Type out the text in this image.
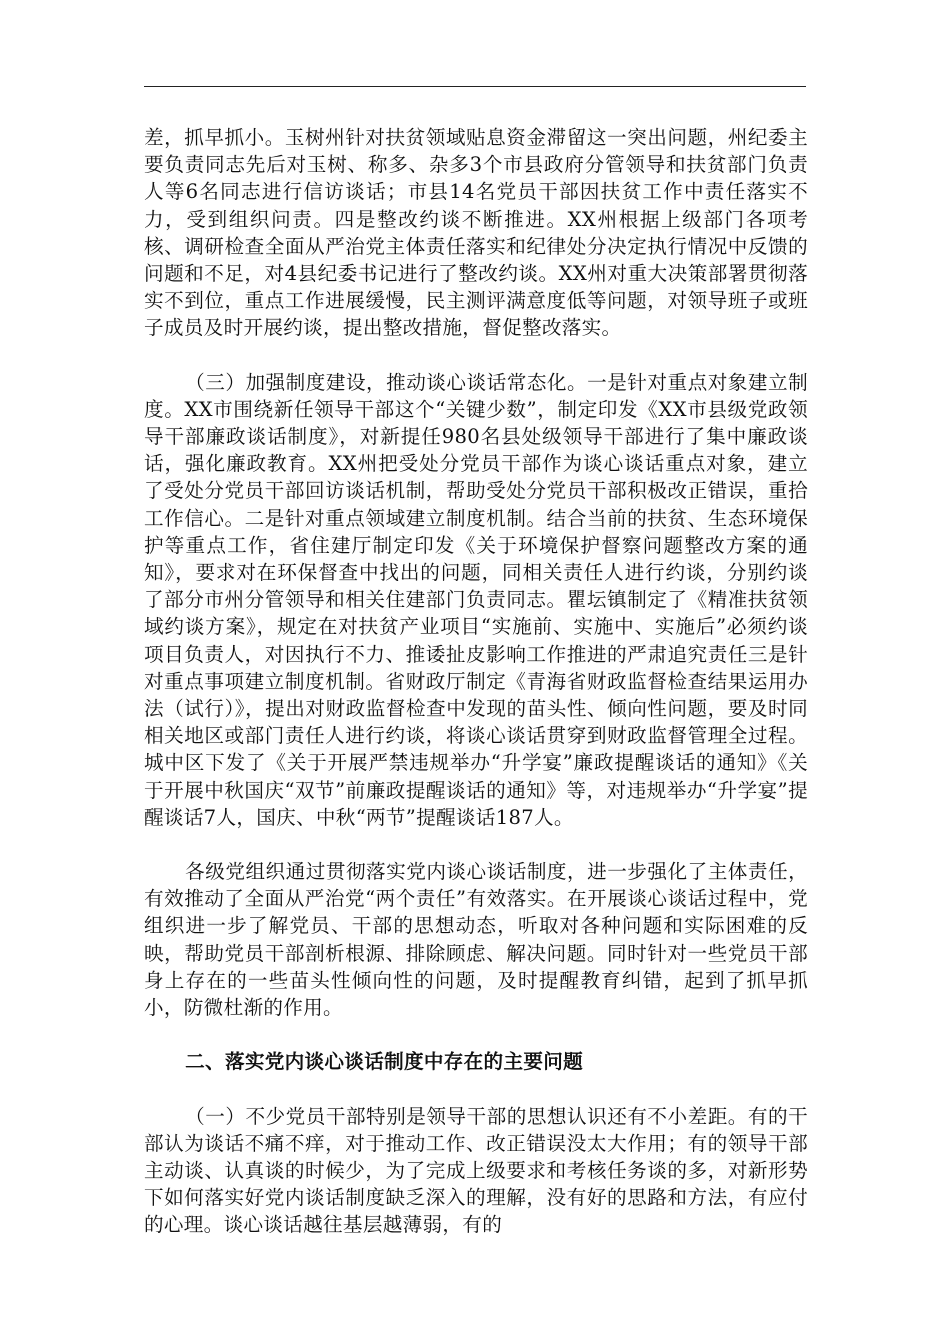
差，抓早抓小。玉树州针对扶贫领域贴息资金滞留这一突出问题，州纪委主要负责同志先后对玉树、称多、杂多3个市县政府分管领导和扶贫部门负责人等6名同志进行信访谈话；市县14名党员干部因扶贫工作中责任落实不力，受到组织问责。四是整改约谈不断推进。XX州根据上级部门各项考核、调研检查全面从严治党主体责任落实和纪律处分决定执行情况中反馈的问题和不足，对4县纪委书记进行了整改约谈。XX州对重大决策部署贯彻落实不到位，重点工作进展缓慢，民主测评满意度低等问题，对领导班子或班子成员及时开展约谈，提出整改措施，督促整改落实。

（三）加强制度建设，推动谈心谈话常态化。一是针对重点对象建立制度。XX市围绕新任领导干部这个“关键少数”，制定印发《XX市县级党政领导干部廉政谈话制度》，对新提任980名县处级领导干部进行了集中廉政谈话，强化廉政教育。XX州把受处分党员干部作为谈心谈话重点对象，建立了受处分党员干部回访谈话机制，帮助受处分党员干部积极改正错误，重拾工作信心。二是针对重点领域建立制度机制。结合当前的扶贫、生态环境保护等重点工作，省住建厅制定印发《关于环境保护督察问题整改方案的通知》，要求对在环保督查中找出的问题，同相关责任人进行约谈，分别约谈了部分市州分管领导和相关住建部门负责同志。瞿坛镇制定了《精准扶贫领域约谈方案》，规定在对扶贫产业项目“实施前、实施中、实施后”必须约谈项目负责人，对因执行不力、推诿扯皮影响工作推进的严肃追究责任三是针对重点事项建立制度机制。省财政厅制定《青海省财政监督检查结果运用办法（试行）》，提出对财政监督检查中发现的苗头性、倾向性问题，要及时同相关地区或部门责任人进行约谈，将谈心谈话贯穿到财政监督管理全过程。城中区下发了《关于开展严禁违规举办“升学宴”廉政提醒谈话的通知》《关于开展中秋国庆“双节”前廉政提醒谈话的通知》等，对违规举办“升学宴”提醒谈话7人，国庆、中秋“两节”提醒谈话187人。

各级党组织通过贯彻落实党内谈心谈话制度，进一步强化了主体责任，有效推动了全面从严治党“两个责任”有效落实。在开展谈心谈话过程中，党组织进一步了解党员、干部的思想动态，听取对各种问题和实际困难的反映，帮助党员干部剖析根源、排除顾虑、解决问题。同时针对一些党员干部身上存在的一些苗头性倾向性的问题，及时提醒教育纠错，起到了抓早抓小，防微杜渐的作用。

二、落实党内谈心谈话制度中存在的主要问题

（一）不少党员干部特别是领导干部的思想认识还有不小差距。有的干部认为谈话不痛不痒，对于推动工作、改正错误没太大作用；有的领导干部主动谈、认真谈的时候少，为了完成上级要求和考核任务谈的多，对新形势下如何落实好党内谈话制度缺乏深入的理解，没有好的思路和方法，有应付的心理。谈心谈话越往基层越薄弱，有的
